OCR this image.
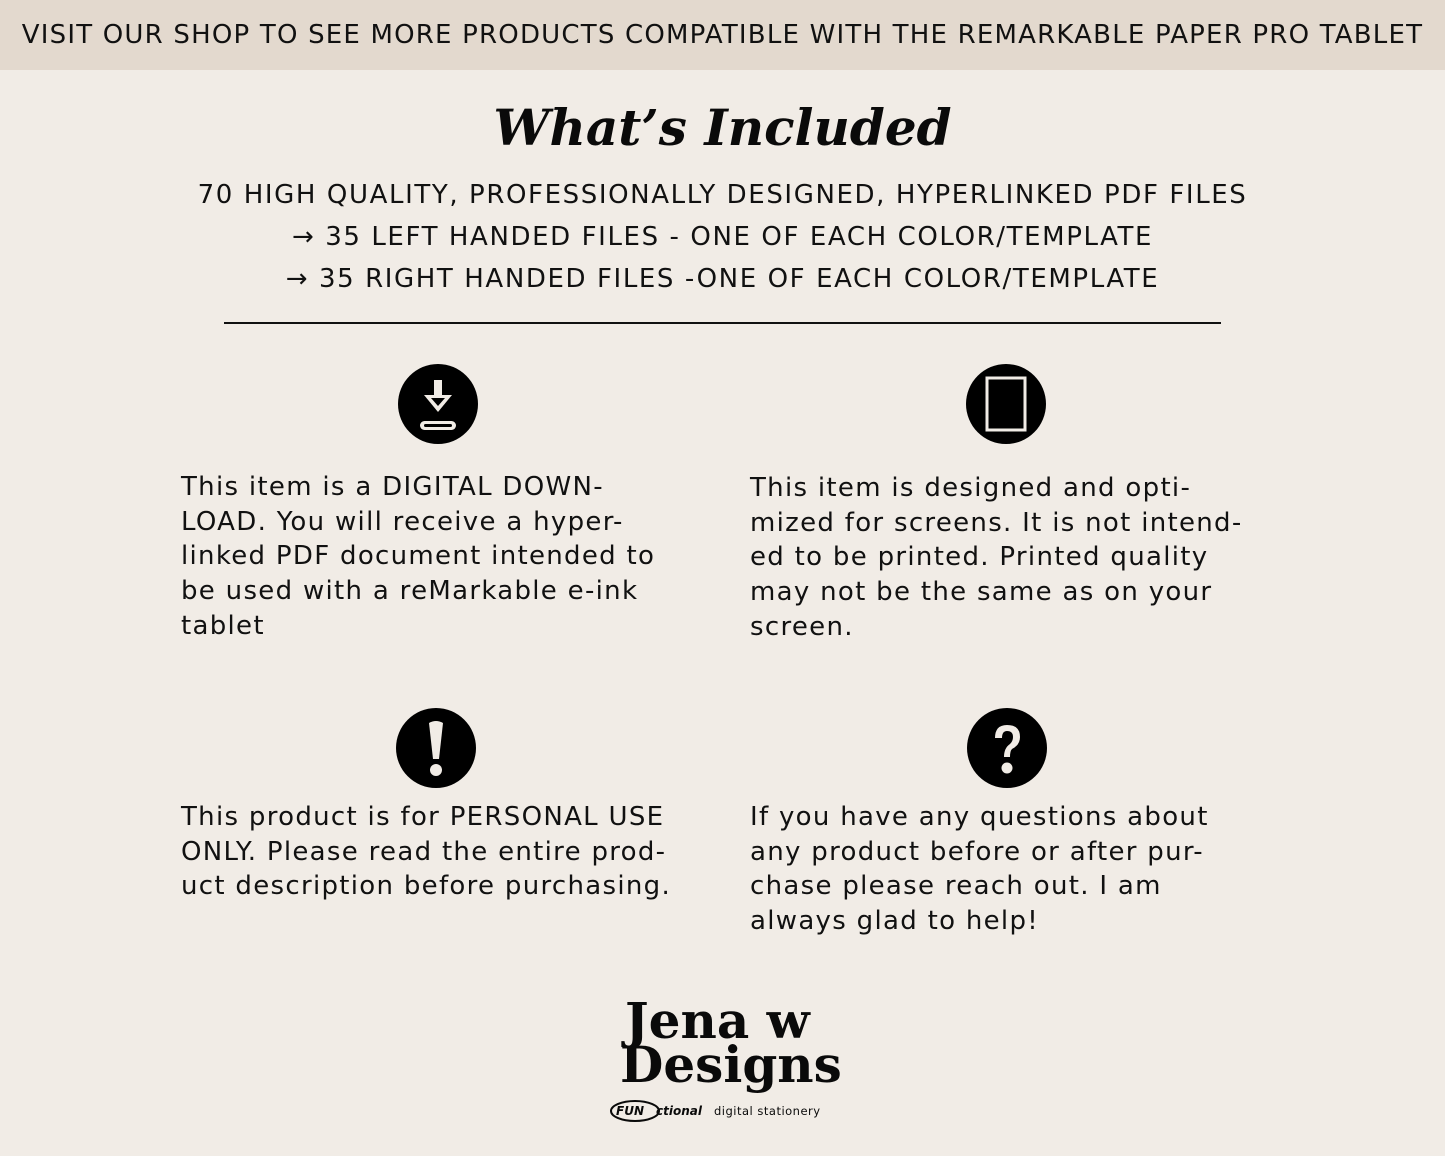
VISIT OUR SHOP TO SEE MORE PRODUCTS COMPATIBLE WITH THE REMARKABLE PAPER PRO TABLET
What’s Included
70 HIGH QUALITY, PROFESSIONALLY DESIGNED, HYPERLINKED PDF FILES
→ 35 LEFT HANDED FILES - ONE OF EACH COLOR/TEMPLATE
→ 35 RIGHT HANDED FILES -ONE OF EACH COLOR/TEMPLATE
This item is a DIGITAL DOWN-
LOAD. You will receive a hyper-
linked PDF document intended to
be used with a reMarkable e-ink
tablet
This item is designed and opti-
mized for screens. It is not intend-
ed to be printed. Printed quality
may not be the same as on your
screen.
This product is for PERSONAL USE
ONLY. Please read the entire prod-
uct description before purchasing.
If you have any questions about
any product before or after pur-
chase please reach out. I am
always glad to help!
Jena w
Designs
FUN ctional digital stationery
